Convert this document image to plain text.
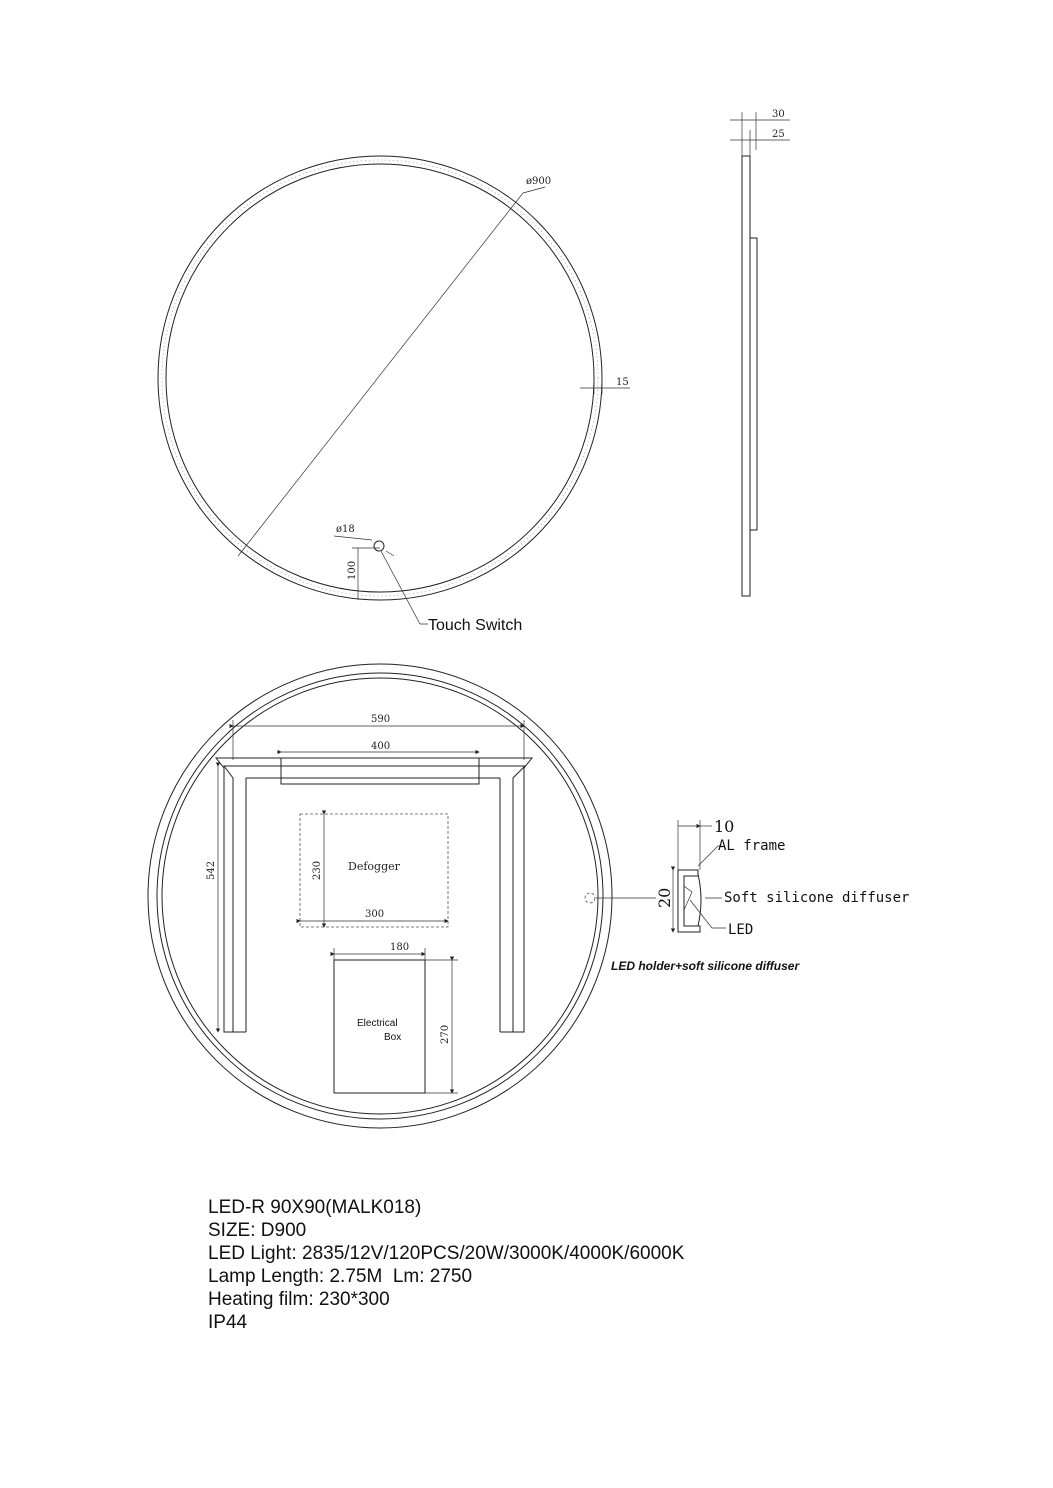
ø900
15
ø18
100
Touch Switch
30
25
590
400
542	Defogger
230
300
Electrical
Box
180
270
10
20
AL frame
Soft silicone diffuser
LED
LED holder+soft silicone diffuser
LED-R 90X90(MALK018)
SIZE: D900
LED Light: 2835/12V/120PCS/20W/3000K/4000K/6000K
Lamp Length: 2.75M  Lm: 2750
Heating film: 230*300
IP44
